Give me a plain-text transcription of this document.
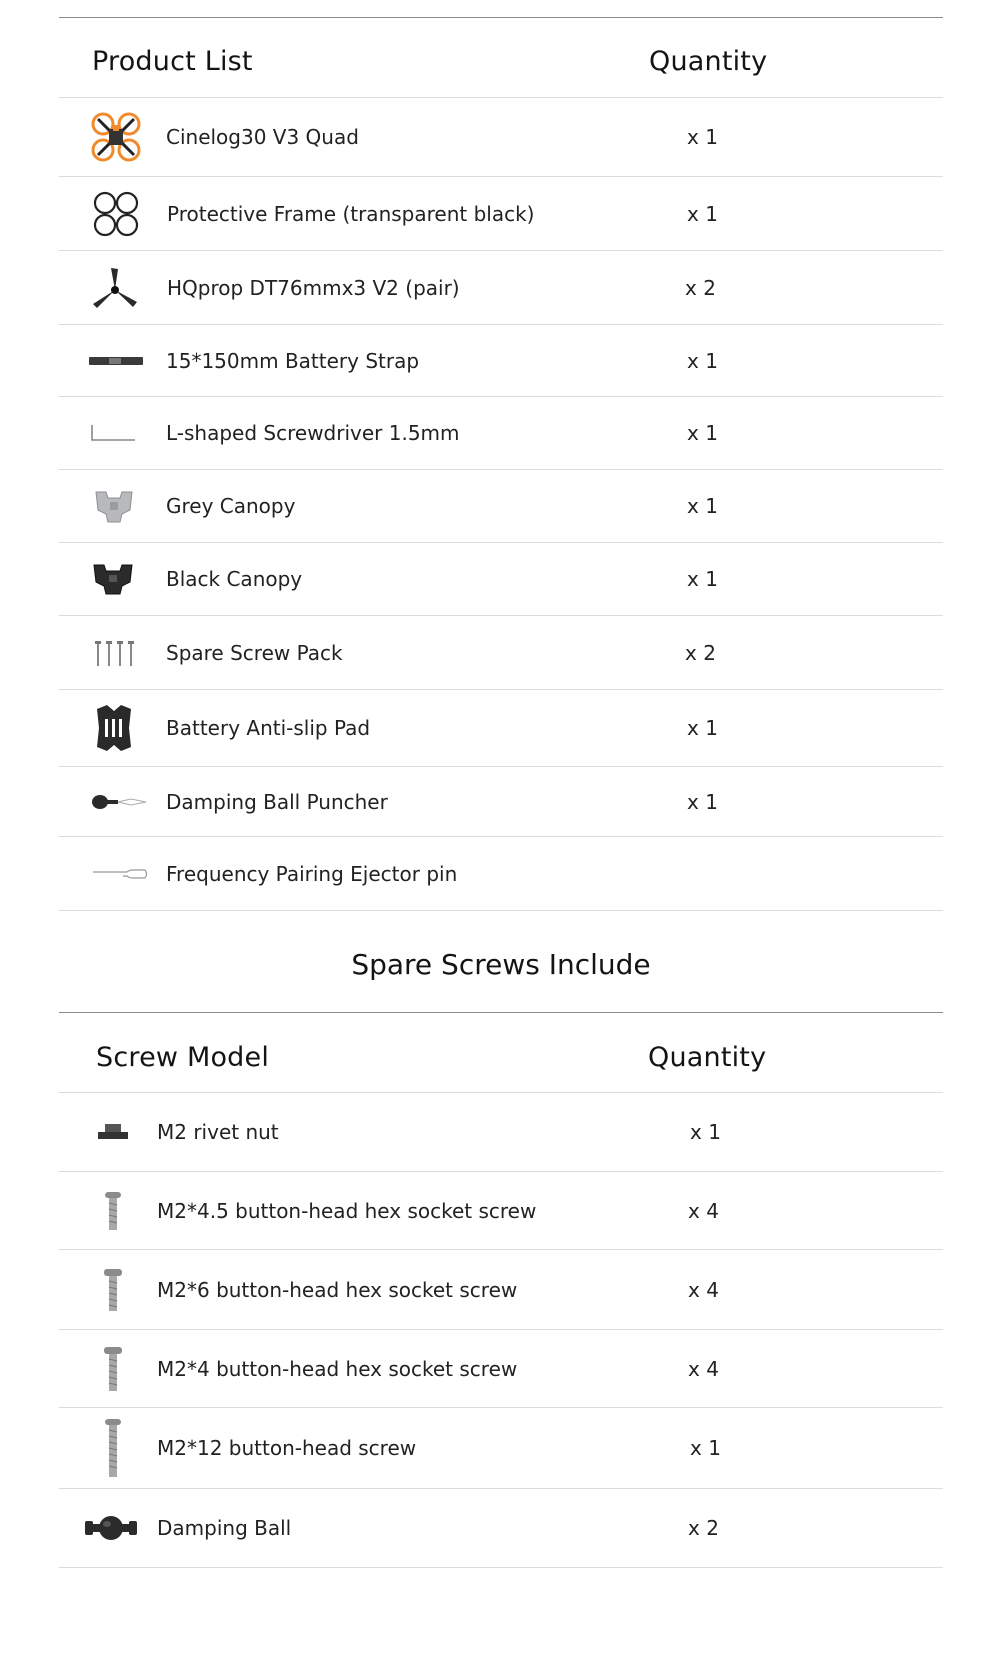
Product List	Quantity
Cinelog30 V3 Quad	x 1
Protective Frame (transparent black)	x 1
HQprop DT76mmx3 V2 (pair)	x 2
15*150mm Battery Strap	x 1
L-shaped Screwdriver 1.5mm	x 1
Grey Canopy	x 1
Black Canopy	x 1
Spare Screw Pack	x 2
Battery Anti-slip Pad	x 1
Damping Ball Puncher	x 1
Frequency Pairing Ejector pin
Spare Screws Include
Screw Model	Quantity
M2 rivet nut	x 1
M2*4.5 button-head hex socket screw	x 4
M2*6 button-head hex socket screw	x 4
M2*4 button-head hex socket screw	x 4
M2*12 button-head screw	x 1
Damping Ball	x 2
